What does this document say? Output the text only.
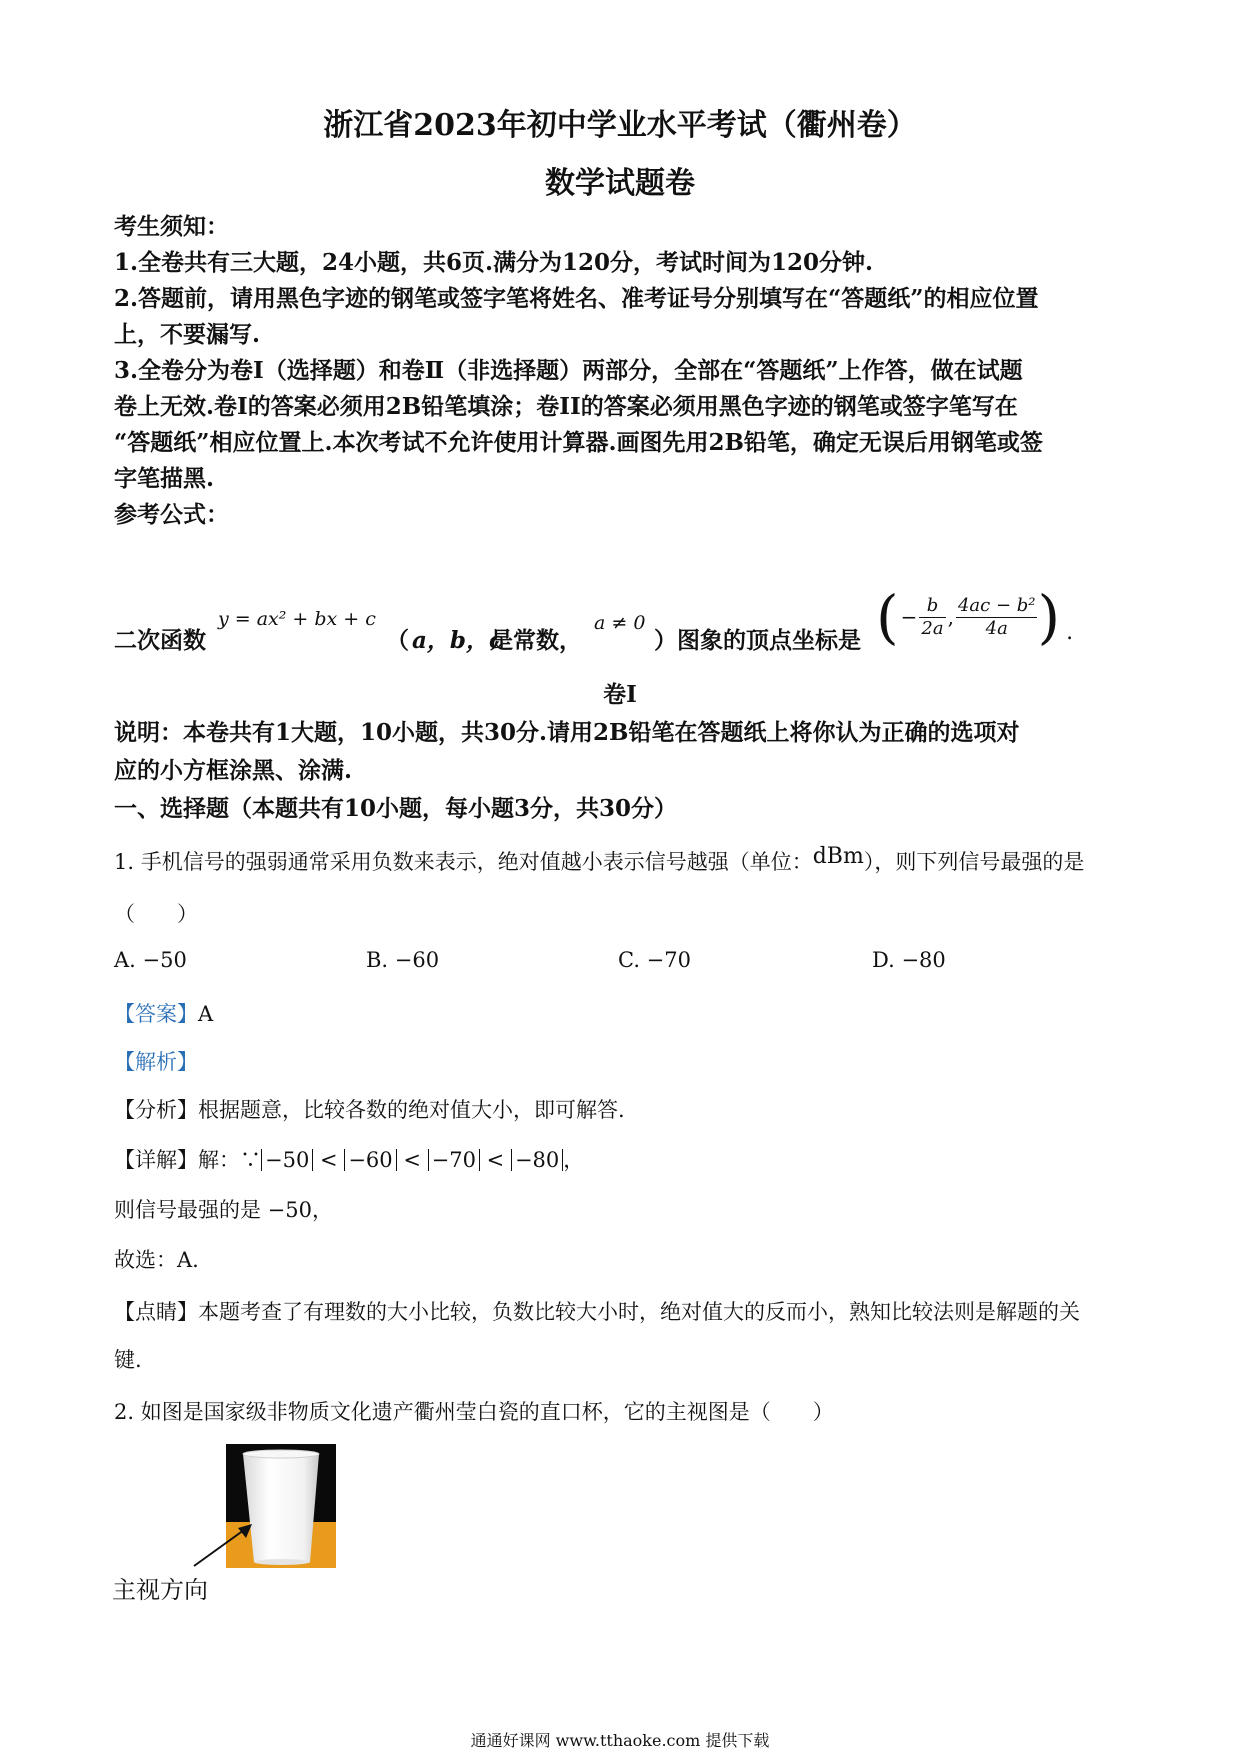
浙江省2023年初中学业水平考试（衢州卷）
数学试题卷
考生须知：
1.全卷共有三大题，24小题，共6页.满分为120分，考试时间为120分钟.
2.答题前，请用黑色字迹的钢笔或签字笔将姓名、准考证号分别填写在“答题纸”的相应位置
上，不要漏写.
3.全卷分为卷Ⅰ（选择题）和卷Ⅱ（非选择题）两部分，全部在“答题纸”上作答，做在试题
卷上无效.卷Ⅰ的答案必须用2B铅笔填涂；卷II的答案必须用黑色字迹的钢笔或签字笔写在
“答题纸”相应位置上.本次考试不允许使用计算器.画图先用2B铅笔，确定无误后用钢笔或签
字笔描黑.
参考公式：
二次函数
y = ax² + bx + c
（ a，b，c
是常数，
a ≠ 0
）图象的顶点坐标是 ( − $\frac{b}{2a}$ , $\frac{\text{4ac − b²}}{4a}$ ) .
卷Ⅰ
说明：本卷共有1大题，10小题，共30分.请用2B铅笔在答题纸上将你认为正确的选项对
应的小方框涂黑、涂满.
一、选择题（本题共有10小题，每小题3分，共30分）
1. 手机信号的强弱通常采用负数来表示，绝对值越小表示信号越强（单位：dBm），则下列信号最强的是
（　　）
A. −50	B. −60	C. −70	D. −80
【答案】A
【解析】
【分析】根据题意，比较各数的绝对值大小，即可解答.
【详解】解：∵ −50 < −60 < −70 < −80 ，
则信号最强的是 −50，
故选：A.
【点睛】本题考查了有理数的大小比较，负数比较大小时，绝对值大的反而小，熟知比较法则是解题的关
键.
2. 如图是国家级非物质文化遗产衢州莹白瓷的直口杯，它的主视图是（　　）
主视方向
通通好课网 www.tthaoke.com 提供下载
